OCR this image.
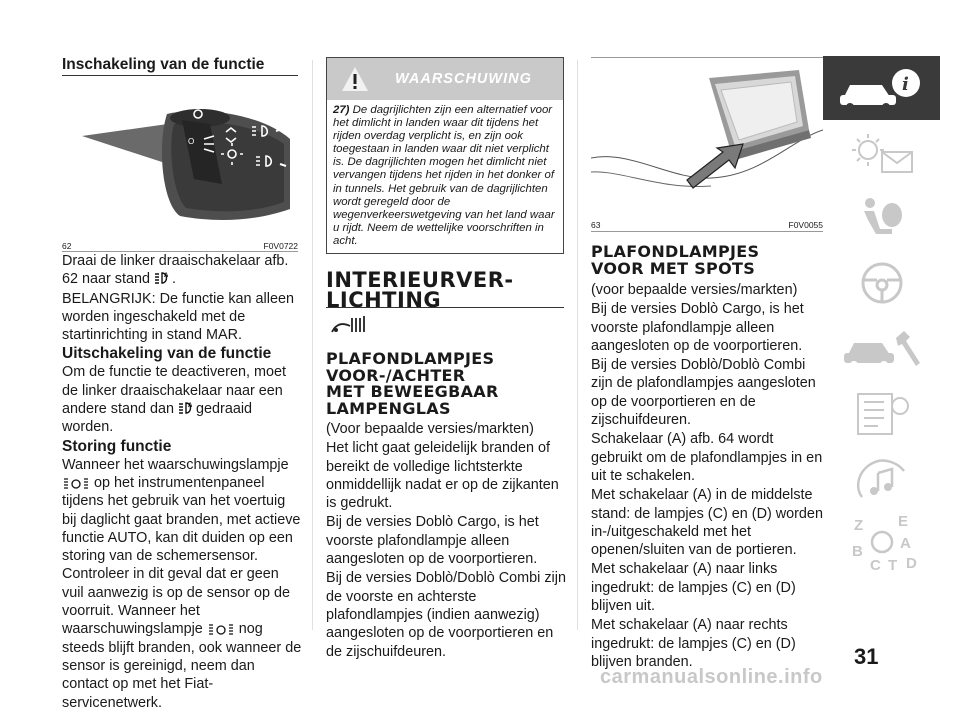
Inschakeling van de functie
O
62	F0V0722

Draai de linker draaischakelaar afb. 62 naar stand A .

BELANGRIJK: De functie kan alleen worden ingeschakeld met de startinrichting in stand MAR.

Uitschakeling van de functie

Om de functie te deactiveren, moet de linker draaischakelaar naar een andere stand dan A gedraaid worden.

Storing functie

Wanneer het waarschuwingslampje
op het instrumentenpaneel tijdens het gebruik van het voertuig bij daglicht gaat branden, met actieve functie AUTO, kan dit duiden op een storing van de schemersensor. Controleer in dit geval dat er geen vuil aanwezig is op de sensor op de voorruit. Wanneer het waarschuwingslampje	nog steeds blijft branden, ook wanneer de sensor is gereinigd, neem dan contact op met het Fiat-servicenetwerk.

WAARSCHUWING
27) De dagrijlichten zijn een alternatief voor het dimlicht in landen waar dit tijdens het rijden overdag verplicht is, en zijn ook toegestaan in landen waar dit niet verplicht is. De dagrijlichten mogen het dimlicht niet vervangen tijdens het rijden in het donker of in tunnels. Het gebruik van de dagrijlichten wordt geregeld door de wegenverkeerswetgeving van het land waar u rijdt. Neem de wettelijke voorschriften in acht.
INTERIEURVER-
LICHTING
PLAFONDLAMPJES
VOOR-/ACHTER
MET BEWEEGBAAR
LAMPENGLAS

(Voor bepaalde versies/markten)

Het licht gaat geleidelijk branden of bereikt de volledige lichtsterkte onmiddellijk nadat er op de zijkanten is gedrukt.

Bij de versies Doblò Cargo, is het voorste plafondlampje alleen aangesloten op de voorportieren.

Bij de versies Doblò/Doblò Combi zijn de voorste en achterste plafondlampjes (indien aanwezig) aangesloten op de voorportieren en de zijschuifdeuren.

63	F0V0055
PLAFONDLAMPJES
VOOR MET SPOTS

(voor bepaalde versies/markten)

Bij de versies Doblò Cargo, is het voorste plafondlampje alleen aangesloten op de voorportieren.

Bij de versies Doblò/Doblò Combi zijn de plafondlampjes aangesloten op de voorportieren en de zijschuifdeuren.

Schakelaar (A) afb. 64 wordt gebruikt om de plafondlampjes in en uit te schakelen.

Met schakelaar (A) in de middelste stand: de lampjes (C) en (D) worden in-/uitgeschakeld met het openen/sluiten van de portieren.

Met schakelaar (A) naar links ingedrukt: de lampjes (C) en (D) blijven uit.

Met schakelaar (A) naar rechts ingedrukt: de lampjes (C) en (D) blijven branden.

i
Z E
B A
C T D
31
carmanualsonline.info
